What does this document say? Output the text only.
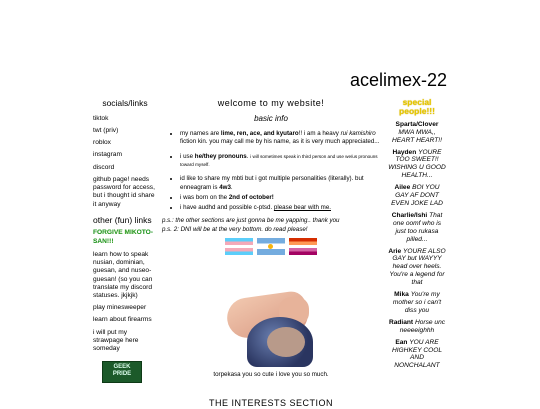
acelimex-22
socials/links
tiktok
twt (priv)
roblox
instagram
discord
github page! needs password for access, but i thought id share it anyway
other (fun) links
FORGIVE MIKOTO-SAN!!!
learn how to speak nusian, dominian, guesan, and nuseo-guesan! (so you can translate my discord statuses. jkjkjk)
play minesweeper
learn about firearms
i will put my strawpage here someday
GEEK
PRIDE
welcome to my website!
basic info
• my names are lime, ren, ace, and kyutaro!! i am a heavy rui kamishiro fiction kin. you may call me by his name, as it is very much appreciated...
• i use he/they pronouns. i will sometimes speak in third person and use we/us pronouns toward myself.
• id like to share my mbti but i got multiple personalities (literally). but enneagram is 4w3.
• i was born on the 2nd of october!
• i have audhd and possible c-ptsd. please bear with me.

p.s.: the other sections are just gonna be me yapping.. thank you

p.s. 2: DNI will be at the very bottom. do read please!

torpekasa you so cute i love you so much.
THE INTERESTS SECTION
special people!!!
Sparta/Clover MWA MWA,, HEART HEART!!
Hayden YOURE TOO SWEET!! WISHING U GOOD HEALTH...
Ailee BOI YOU GAY AF DONT EVEN JOKE LAD
Charlie/Ishi That one oomf who is just too rukasa pilled...
Arie YOURE ALSO GAY but WAYYY head over heels. You're a legend for that
Mika You're my mother so i can't diss you
Radiant Horse unc neeeeighhh
Ean YOU ARE HIGHKEY COOL AND NONCHALANT
